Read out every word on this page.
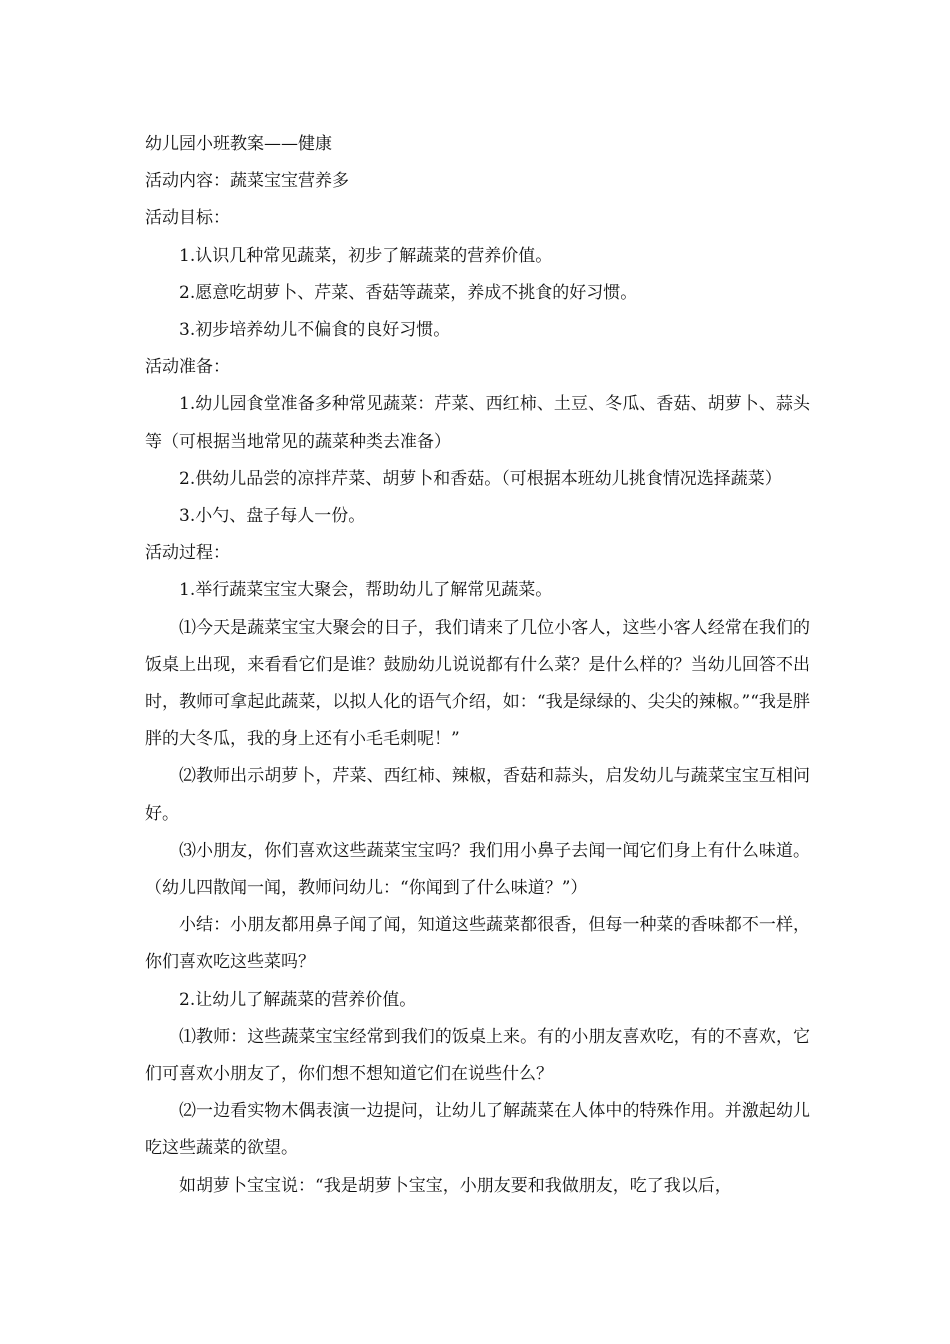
幼儿园小班教案——健康

活动内容：蔬菜宝宝营养多

活动目标：

1.认识几种常见蔬菜，初步了解蔬菜的营养价值。

2.愿意吃胡萝卜、芹菜、香菇等蔬菜，养成不挑食的好习惯。

3.初步培养幼儿不偏食的良好习惯。

活动准备：

1.幼儿园食堂准备多种常见蔬菜：芹菜、西红柿、土豆、冬瓜、香菇、胡萝卜、蒜头等（可根据当地常见的蔬菜种类去准备）

2.供幼儿品尝的凉拌芹菜、胡萝卜和香菇。（可根据本班幼儿挑食情况选择蔬菜）

3.小勺、盘子每人一份。

活动过程：

1.举行蔬菜宝宝大聚会，帮助幼儿了解常见蔬菜。

⑴今天是蔬菜宝宝大聚会的日子，我们请来了几位小客人，这些小客人经常在我们的饭桌上出现，来看看它们是谁？鼓励幼儿说说都有什么菜？是什么样的？当幼儿回答不出时，教师可拿起此蔬菜，以拟人化的语气介绍，如：“我是绿绿的、尖尖的辣椒。”“我是胖胖的大冬瓜，我的身上还有小毛毛刺呢！”

⑵教师出示胡萝卜，芹菜、西红柿、辣椒，香菇和蒜头，启发幼儿与蔬菜宝宝互相问好。

⑶小朋友，你们喜欢这些蔬菜宝宝吗？我们用小鼻子去闻一闻它们身上有什么味道。（幼儿四散闻一闻，教师问幼儿：“你闻到了什么味道？”）

小结：小朋友都用鼻子闻了闻，知道这些蔬菜都很香，但每一种菜的香味都不一样，你们喜欢吃这些菜吗？

2.让幼儿了解蔬菜的营养价值。

⑴教师：这些蔬菜宝宝经常到我们的饭桌上来。有的小朋友喜欢吃，有的不喜欢，它们可喜欢小朋友了，你们想不想知道它们在说些什么？

⑵一边看实物木偶表演一边提问，让幼儿了解蔬菜在人体中的特殊作用。并激起幼儿吃这些蔬菜的欲望。

如胡萝卜宝宝说：“我是胡萝卜宝宝，小朋友要和我做朋友，吃了我以后，
